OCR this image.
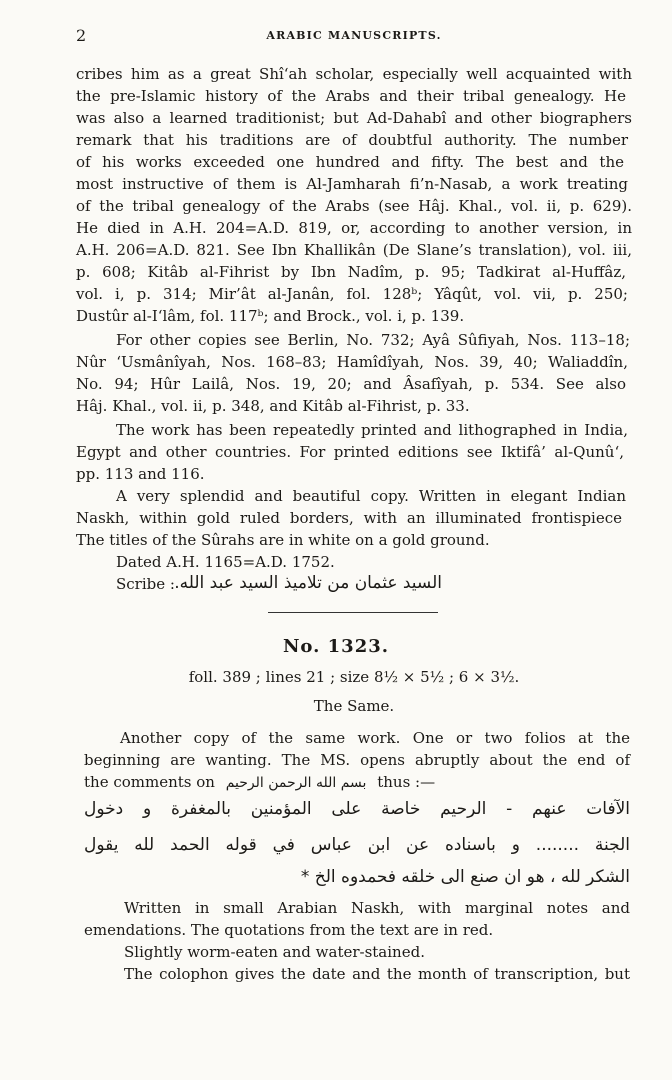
2	ARABIC MANUSCRIPTS.
cribes him as a great Shî‘ah scholar, especially well acquainted with
the pre-Islamic history of the Arabs and their tribal genealogy. He
was also a learned traditionist; but Ad-Dahabî and other biographers
remark that his traditions are of doubtful authority. The number
of his works exceeded one hundred and fifty. The best and the
most instructive of them is Al-Jamharah fi’n-Nasab, a work treating
of the tribal genealogy of the Arabs (see Hâj. Khal., vol. ii, p. 629).
He died in A.H. 204=A.D. 819, or, according to another version, in
A.H. 206=A.D. 821. See Ibn Khallikân (De Slane’s translation), vol. iii,
p. 608; Kitâb al-Fihrist by Ibn Nadîm, p. 95; Tadkirat al-Huffâz,
vol. i, p. 314; Mir’ât al-Janân, fol. 128ᵇ; Yâqût, vol. vii, p. 250;
Dustûr al-I‘lâm, fol. 117ᵇ; and Brock., vol. i, p. 139.
For other copies see Berlin, No. 732; Ayâ Sûfiyah, Nos. 113–18;
Nûr ‘Usmânîyah, Nos. 168–83; Hamîdîyah, Nos. 39, 40; Waliaddîn,
No. 94; Hûr Lailâ, Nos. 19, 20; and Âsafîyah, p. 534. See also
Hâj. Khal., vol. ii, p. 348, and Kitâb al-Fihrist, p. 33.
The work has been repeatedly printed and lithographed in India,
Egypt and other countries. For printed editions see Iktifâ’ al-Qunû‘,
pp. 113 and 116.
A very splendid and beautiful copy. Written in elegant Indian
Naskh, within gold ruled borders, with an illuminated frontispiece
The titles of the Sûrahs are in white on a gold ground.
Dated A.H. 1165=A.D. 1752.
Scribe : السيد عثمان من تلاميذ السيد عبد الله.
No. 1323.
foll. 389 ; lines 21 ; size 8½ × 5½ ; 6 × 3½.
The Same.
Another copy of the same work. One or two folios at the
beginning are wanting. The MS. opens abruptly about the end of
the comments on بسم الله الرحمن الرحيم thus :—
الآفات عنهم - الرحيم خاصة على المؤمنين بالمغفرة و دخول
الجنة ........ و باسناده عن ابن عباس في قوله الحمد لله يقول
الشكر لله ، هو ان صنع الى خلقه فحمدوه الخ *
Written in small Arabian Naskh, with marginal notes and
emendations. The quotations from the text are in red.
Slightly worm-eaten and water-stained.
The colophon gives the date and the month of transcription, but
